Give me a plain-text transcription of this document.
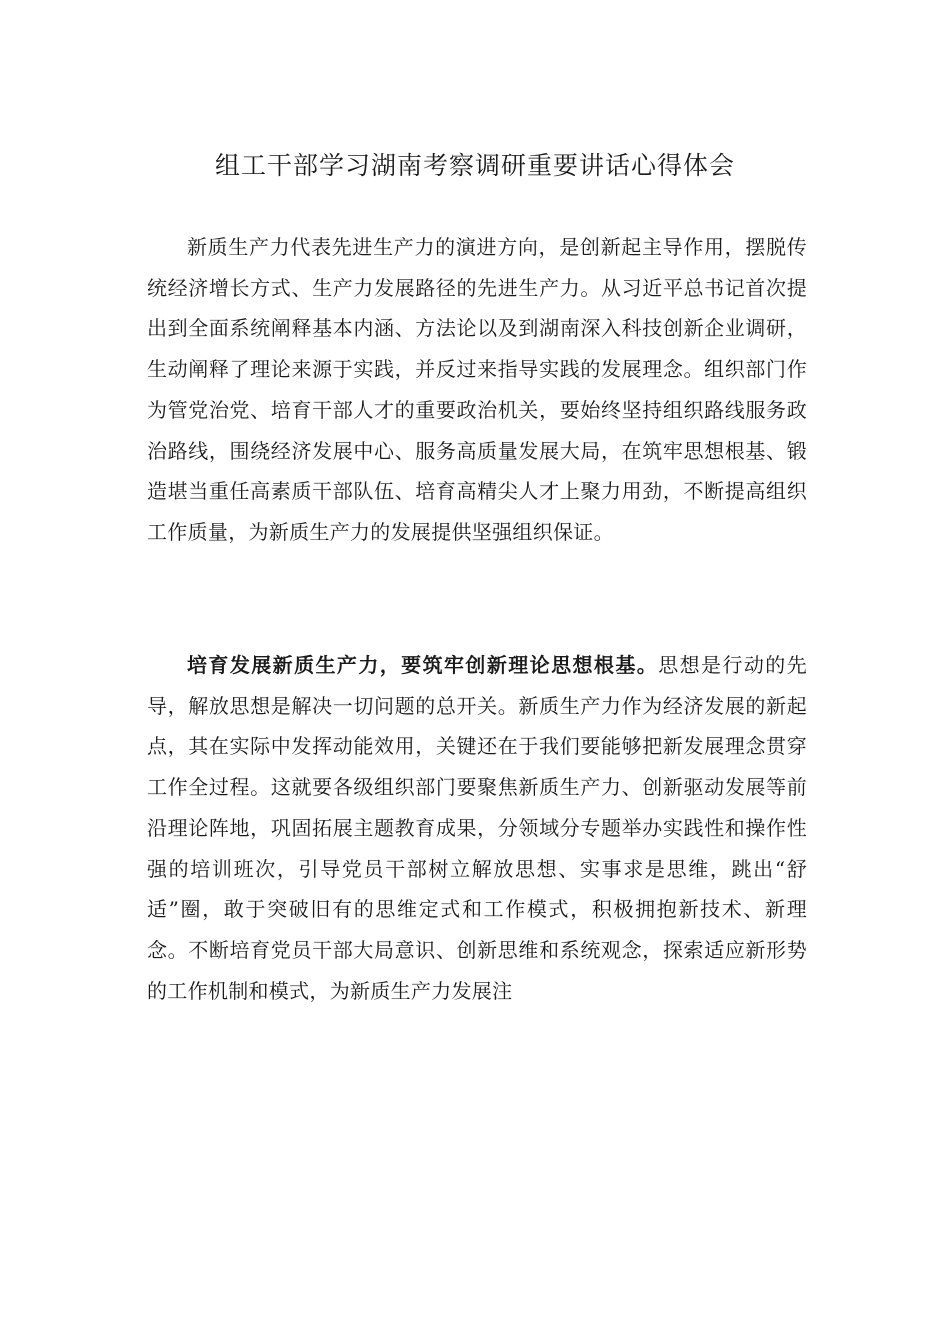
组工干部学习湖南考察调研重要讲话心得体会

新质生产力代表先进生产力的演进方向，是创新起主导作用，摆脱传统经济增长方式、生产力发展路径的先进生产力。从习近平总书记首次提出到全面系统阐释基本内涵、方法论以及到湖南深入科技创新企业调研，生动阐释了理论来源于实践，并反过来指导实践的发展理念。组织部门作为管党治党、培育干部人才的重要政治机关，要始终坚持组织路线服务政治路线，围绕经济发展中心、服务高质量发展大局，在筑牢思想根基、锻造堪当重任高素质干部队伍、培育高精尖人才上聚力用劲，不断提高组织工作质量，为新质生产力的发展提供坚强组织保证。

培育发展新质生产力，要筑牢创新理论思想根基。思想是行动的先导，解放思想是解决一切问题的总开关。新质生产力作为经济发展的新起点，其在实际中发挥动能效用，关键还在于我们要能够把新发展理念贯穿工作全过程。这就要各级组织部门要聚焦新质生产力、创新驱动发展等前沿理论阵地，巩固拓展主题教育成果，分领域分专题举办实践性和操作性强的培训班次，引导党员干部树立解放思想、实事求是思维，跳出“舒适”圈，敢于突破旧有的思维定式和工作模式，积极拥抱新技术、新理念。不断培育党员干部大局意识、创新思维和系统观念，探索适应新形势的工作机制和模式，为新质生产力发展注
